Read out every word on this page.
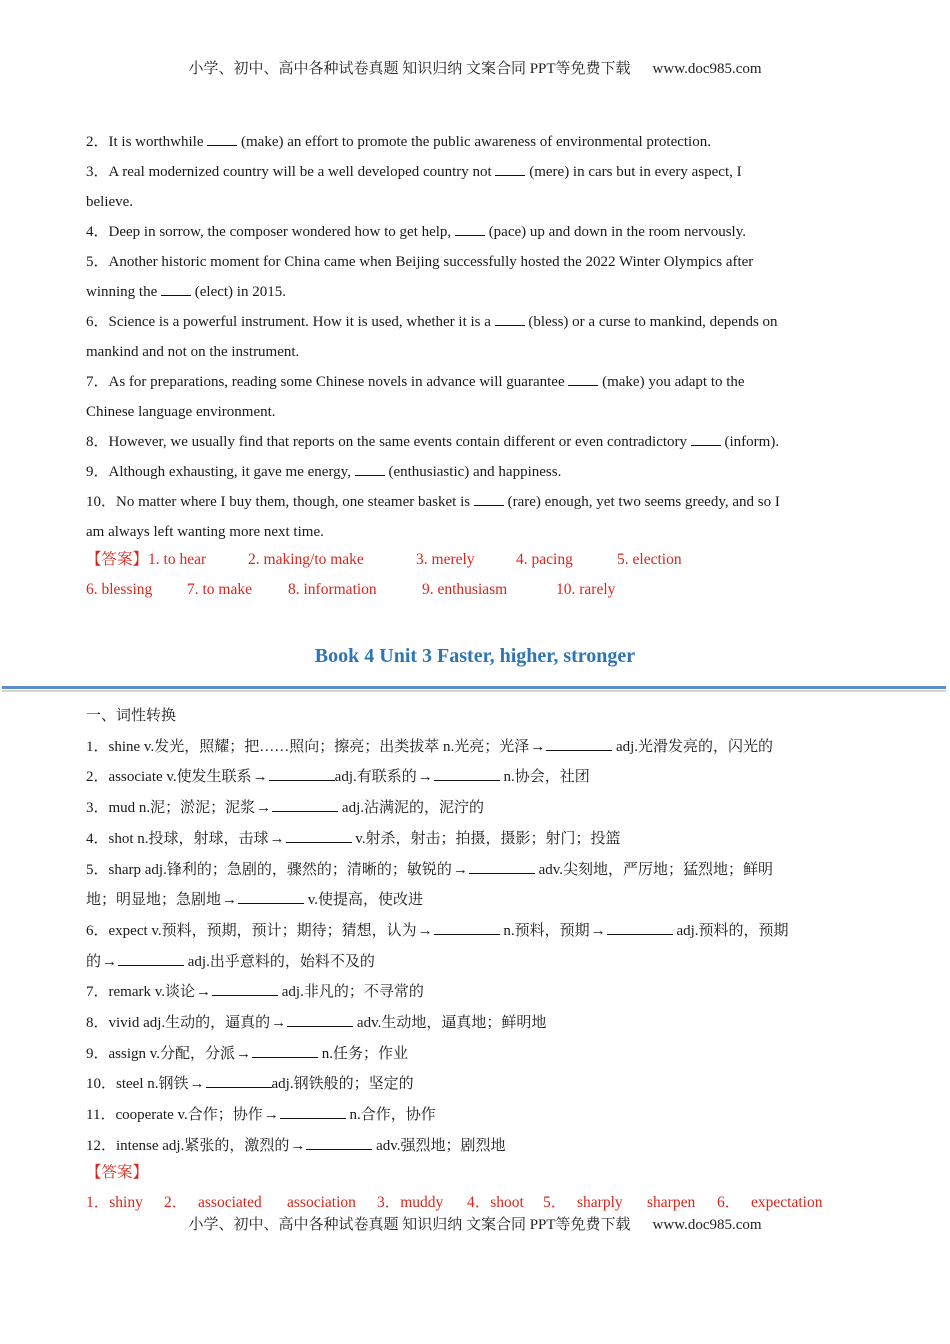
小学、初中、高中各种试卷真题 知识归纳 文案合同 PPT等免费下载 www.doc985.com
2．It is worthwhile  (make) an effort to promote the public awareness of environmental protection.
3．A real modernized country will be a well developed country not  (mere) in cars but in every aspect, I
believe.
4．Deep in sorrow, the composer wondered how to get help,  (pace) up and down in the room nervously.
5．Another historic moment for China came when Beijing successfully hosted the 2022 Winter Olympics after
winning the  (elect) in 2015.
6．Science is a powerful instrument. How it is used, whether it is a  (bless) or a curse to mankind, depends on
mankind and not on the instrument.
7．As for preparations, reading some Chinese novels in advance will guarantee  (make) you adapt to the
Chinese language environment.
8．However, we usually find that reports on the same events contain different or even contradictory  (inform).
9．Although exhausting, it gave me energy,  (enthusiastic) and happiness.
10．No matter where I buy them, though, one steamer basket is  (rare) enough, yet two seems greedy, and so I
am always left wanting more next time.
【答案】1. to hear	2. making/to make	3. merely	4. pacing	5. election
6. blessing 7. to make 8. information	9. enthusiasm	10. rarely
Book 4 Unit 3 Faster, higher, stronger
一、词性转换
1．shine v.发光，照耀；把……照向；擦亮；出类拔萃 n.光亮；光泽→	adj.光滑发亮的，闪光的
2．associate v.使发生联系→	adj.有联系的→	n.协会，社团
3．mud n.泥；淤泥；泥浆→	adj.沾满泥的，泥泞的
4．shot n.投球，射球，击球→	v.射杀，射击；拍摄，摄影；射门；投篮
5．sharp adj.锋利的；急剧的，骤然的；清晰的；敏锐的→	adv.尖刻地，严厉地；猛烈地；鲜明
地；明显地；急剧地→	v.使提高，使改进
6．expect v.预料，预期，预计；期待；猜想，认为→	n.预料，预期→	adj.预料的，预期
的→	adj.出乎意料的，始料不及的
7．remark v.谈论→	adj.非凡的；不寻常的
8．vivid adj.生动的，逼真的→	adv.生动地，逼真地；鲜明地
9．assign v.分配，分派→	n.任务；作业
10．steel n.钢铁→	adj.钢铁般的；坚定的
11．cooperate v.合作；协作→	n.合作，协作
12．intense adj.紧张的，激烈的→	adv.强烈地；剧烈地
【答案】
1．shiny 2． associated association 3．muddy 4．shoot 5． sharply sharpen 6． expectation
小学、初中、高中各种试卷真题 知识归纳 文案合同 PPT等免费下载 www.doc985.com
